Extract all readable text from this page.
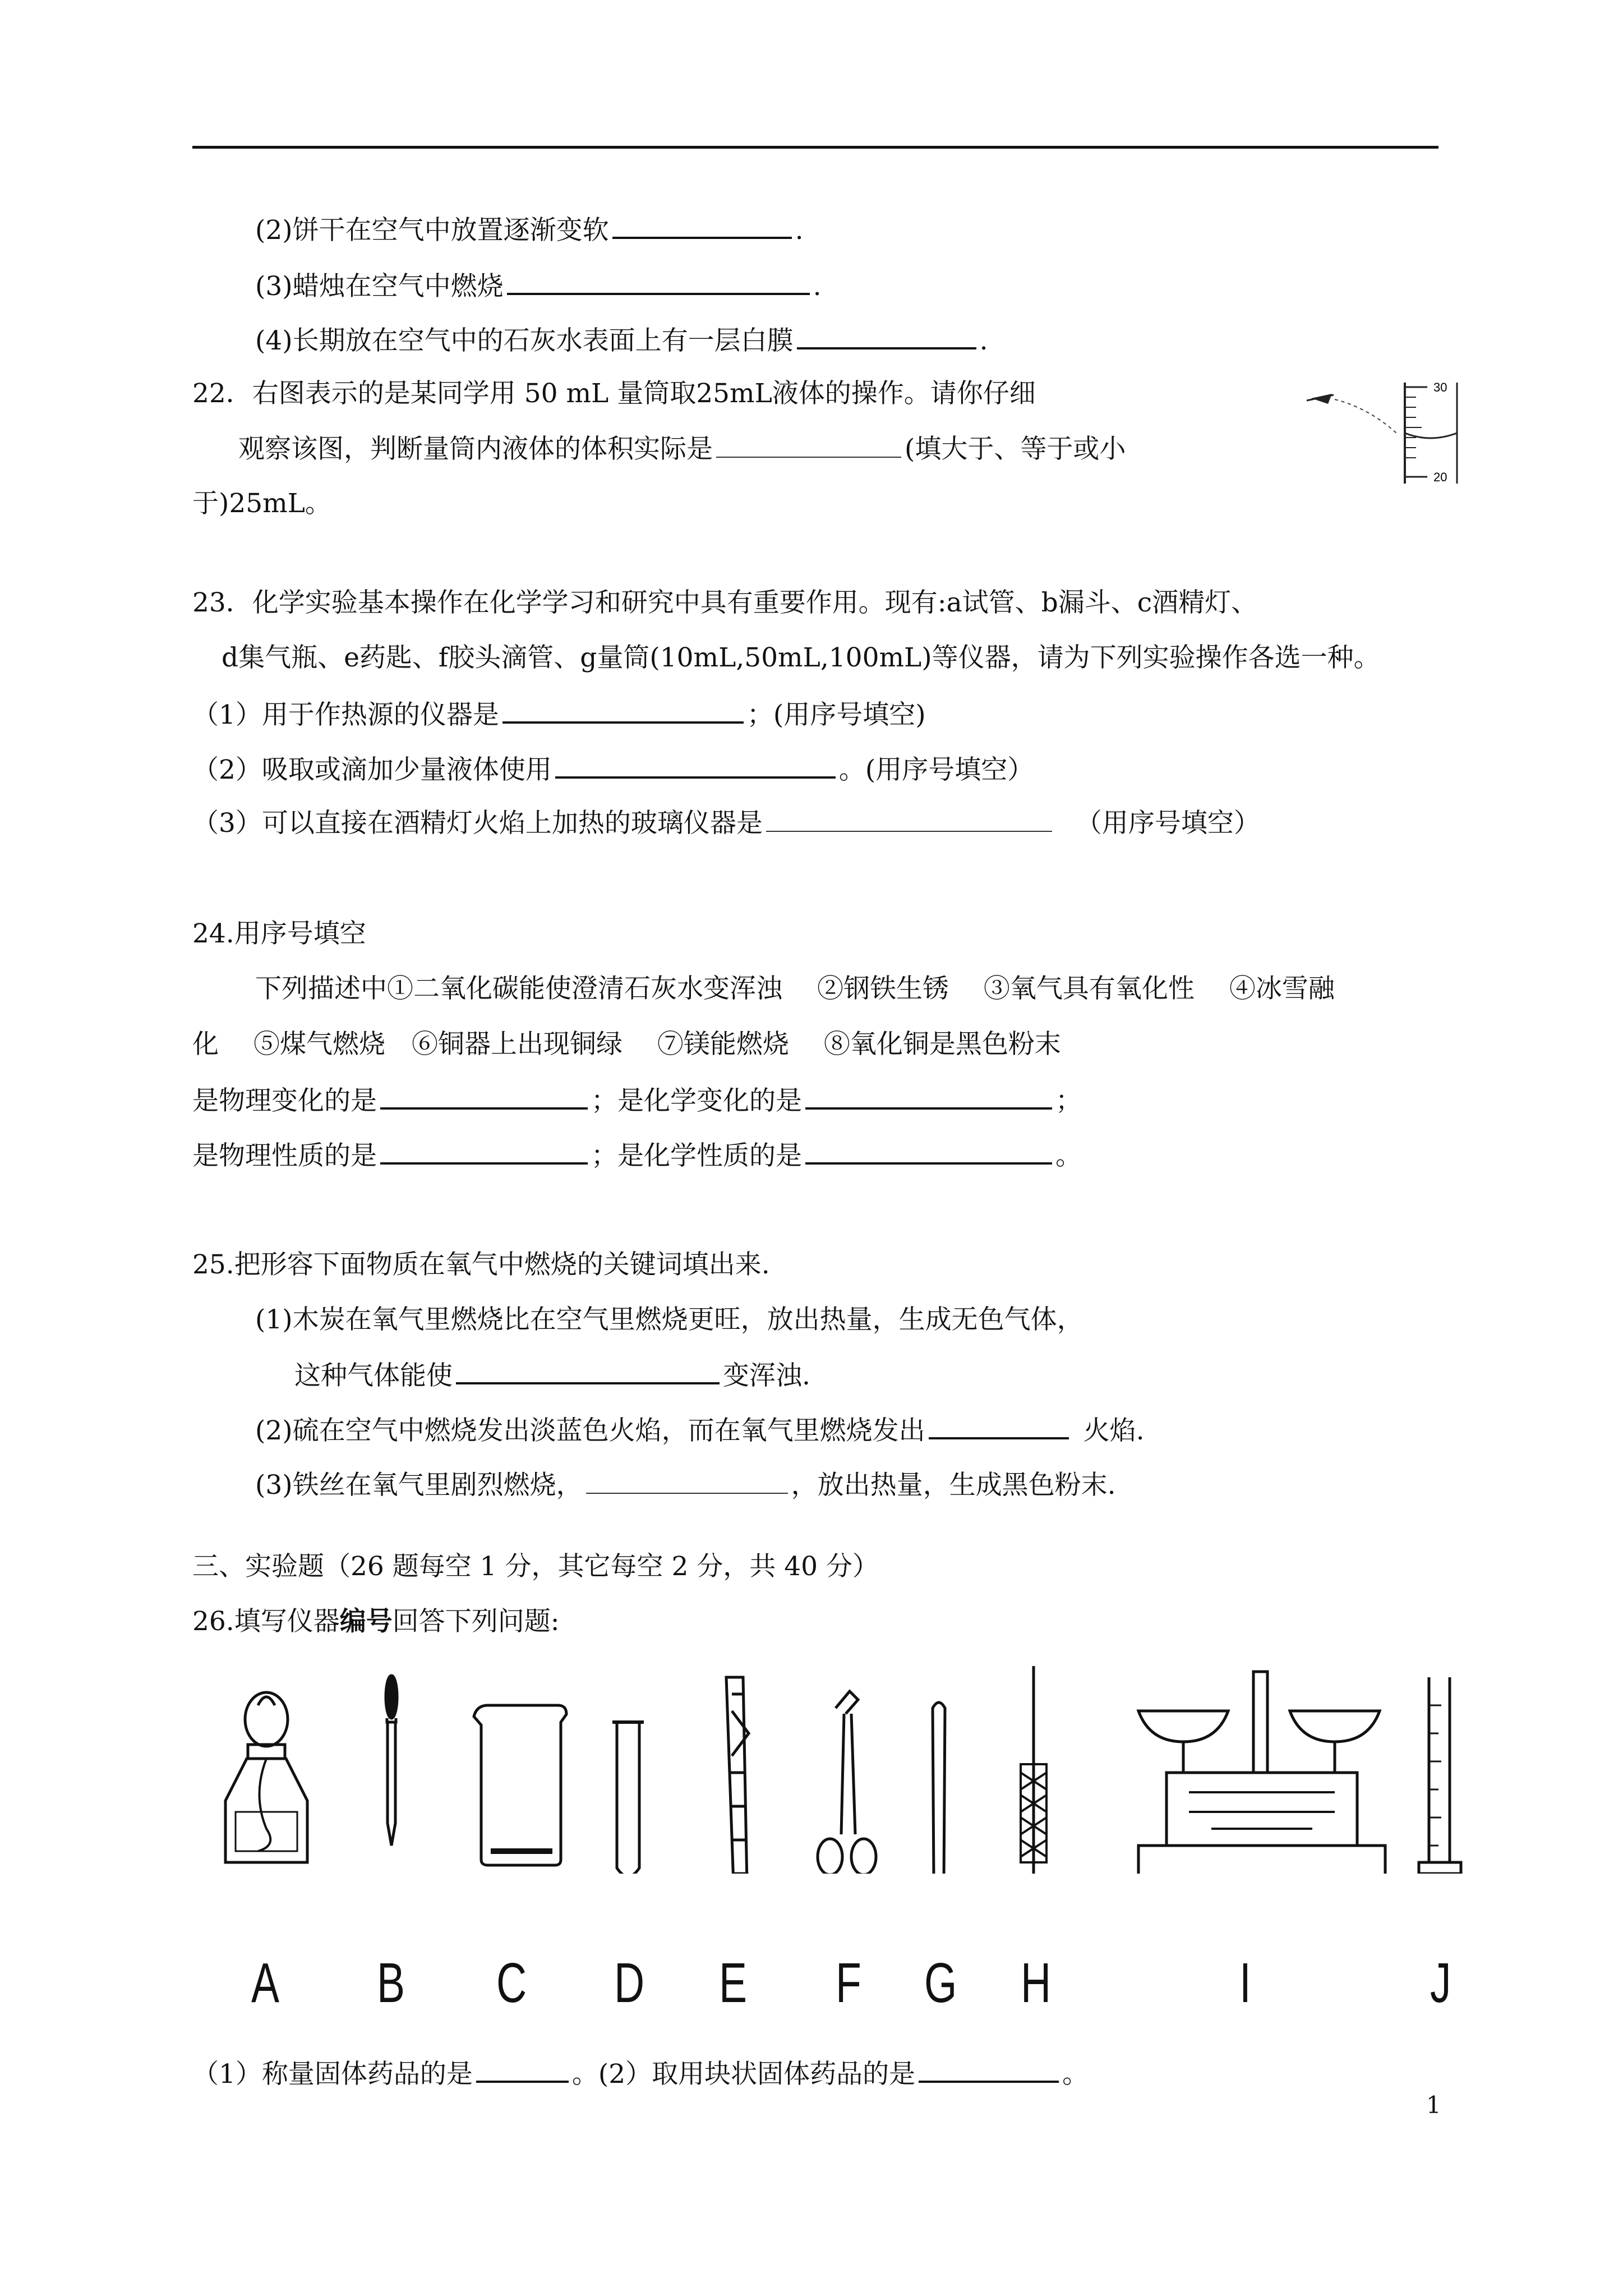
(2)饼干在空气中放置逐渐变软	.
(3)蜡烛在空气中燃烧	.
(4)长期放在空气中的石灰水表面上有一层白膜	.
22．右图表示的是某同学用 50 mL 量筒取25mL液体的操作。请你仔细
观察该图，判断量筒内液体的体积实际是	(填大于、等于或小
于)25mL。
30
20
23．化学实验基本操作在化学学习和研究中具有重要作用。现有:a试管、b漏斗、c酒精灯、
d集气瓶、e药匙、f胶头滴管、g量筒(10mL,50mL,100mL)等仪器，请为下列实验操作各选一种。
（1）用于作热源的仪器是	；(用序号填空)
（2）吸取或滴加少量液体使用	。(用序号填空）
（3）可以直接在酒精灯火焰上加热的玻璃仪器是	（用序号填空）
24.用序号填空
下列描述中①二氧化碳能使澄清石灰水变浑浊　 ②钢铁生锈　 ③氧气具有氧化性　 ④冰雪融
化　 ⑤煤气燃烧　⑥铜器上出现铜绿　 ⑦镁能燃烧　 ⑧氧化铜是黑色粉末
是物理变化的是	；是化学变化的是	；
是物理性质的是	；是化学性质的是	。
25.把形容下面物质在氧气中燃烧的关键词填出来.
(1)木炭在氧气里燃烧比在空气里燃烧更旺，放出热量，生成无色气体，
这种气体能使	变浑浊.
(2)硫在空气中燃烧发出淡蓝色火焰，而在氧气里燃烧发出	火焰.
(3)铁丝在氧气里剧烈燃烧，	，放出热量，生成黑色粉末.
三、实验题（26 题每空 1 分，其它每空 2 分，共 40 分）
26.填写仪器编号回答下列问题:
A B C D E F G H	I	J
（1）称量固体药品的是	。(2）取用块状固体药品的是	。
1
